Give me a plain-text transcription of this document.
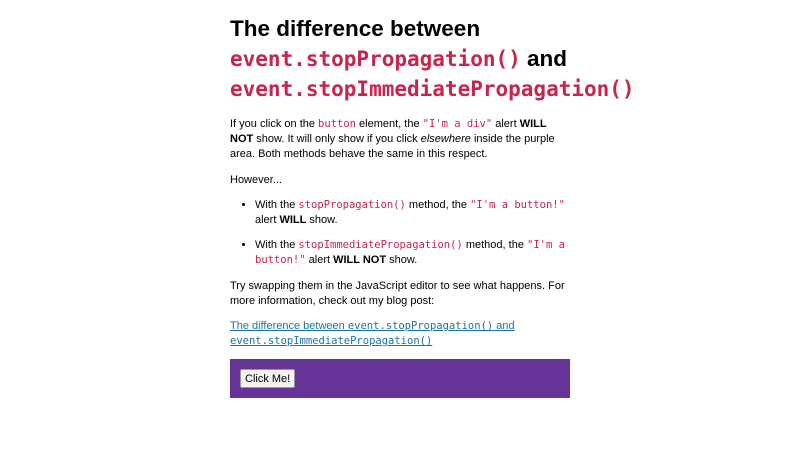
The difference between
event.stopPropagation() and
event.stopImmediatePropagation()

If you click on the button element, the "I'm a div" alert WILL NOT show. It will only show if you click elsewhere inside the purple area. Both methods behave the same in this respect.

However...

• With the stopPropagation() method, the "I'm a button!" alert WILL show.
• With the stopImmediatePropagation() method, the "I'm a button!" alert WILL NOT show.

Try swapping them in the JavaScript editor to see what happens. For more information, check out my blog post:

The difference between event.stopPropagation() and event.stopImmediatePropagation()

Click Me!
